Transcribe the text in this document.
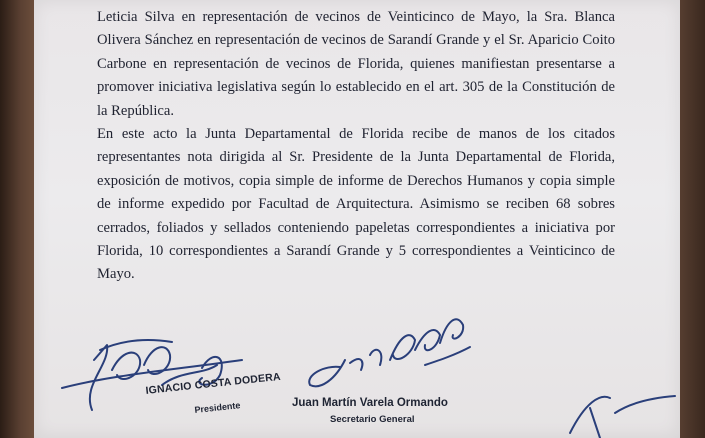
Leticia Silva en representación de vecinos de Veinticinco de Mayo, la Sra. Blanca Olivera Sánchez en representación de vecinos de Sarandí Grande y el Sr. Aparicio Coito Carbone en representación de vecinos de Florida, quienes manifiestan presentarse a promover iniciativa legislativa según lo establecido en el art. 305 de la Constitución de la República.

En este acto la Junta Departamental de Florida recibe de manos de los citados representantes nota dirigida al Sr. Presidente de la Junta Departamental de Florida, exposición de motivos, copia simple de informe de Derechos Humanos y copia simple de informe expedido por Facultad de Arquitectura. Asimismo se reciben 68 sobres cerrados, foliados y sellados conteniendo papeletas correspondientes a iniciativa por Florida, 10 correspondientes a Sarandí Grande y 5 correspondientes a Veinticinco de Mayo.

IGNACIO COSTA DODERA
Presidente	Juan Martín Varela Ormando
Secretario General
